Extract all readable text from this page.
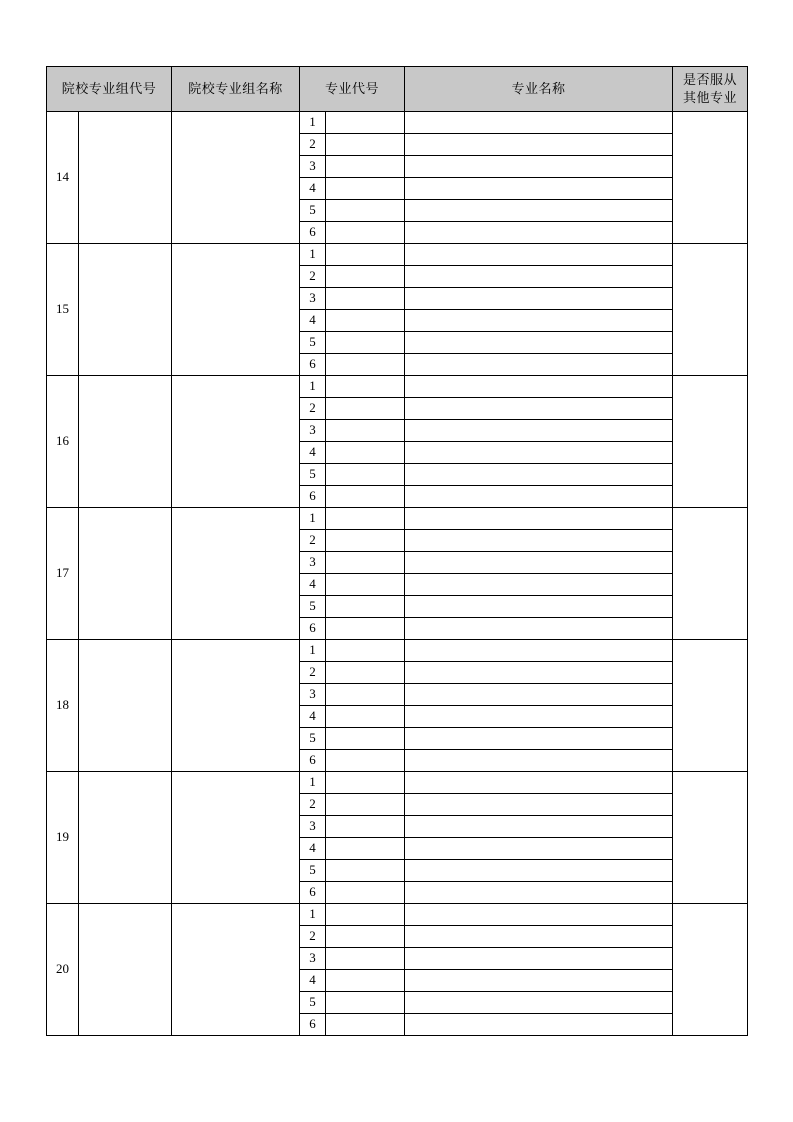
院校专业组代号		院校专业组名称	专业代号		专业名称	是否服从
其他专业

14			1			
			2			
			3			
			4			
			5			
			6			
15			1			
			2			
			3			
			4			
			5			
			6			
16			1			
			2			
			3			
			4			
			5			
			6			
17			1			
			2			
			3			
			4			
			5			
			6			
18			1			
			2			
			3			
			4			
			5			
			6			
19			1			
			2			
			3			
			4			
			5			
			6			
20			1			
			2			
			3			
			4			
			5			
			6			
